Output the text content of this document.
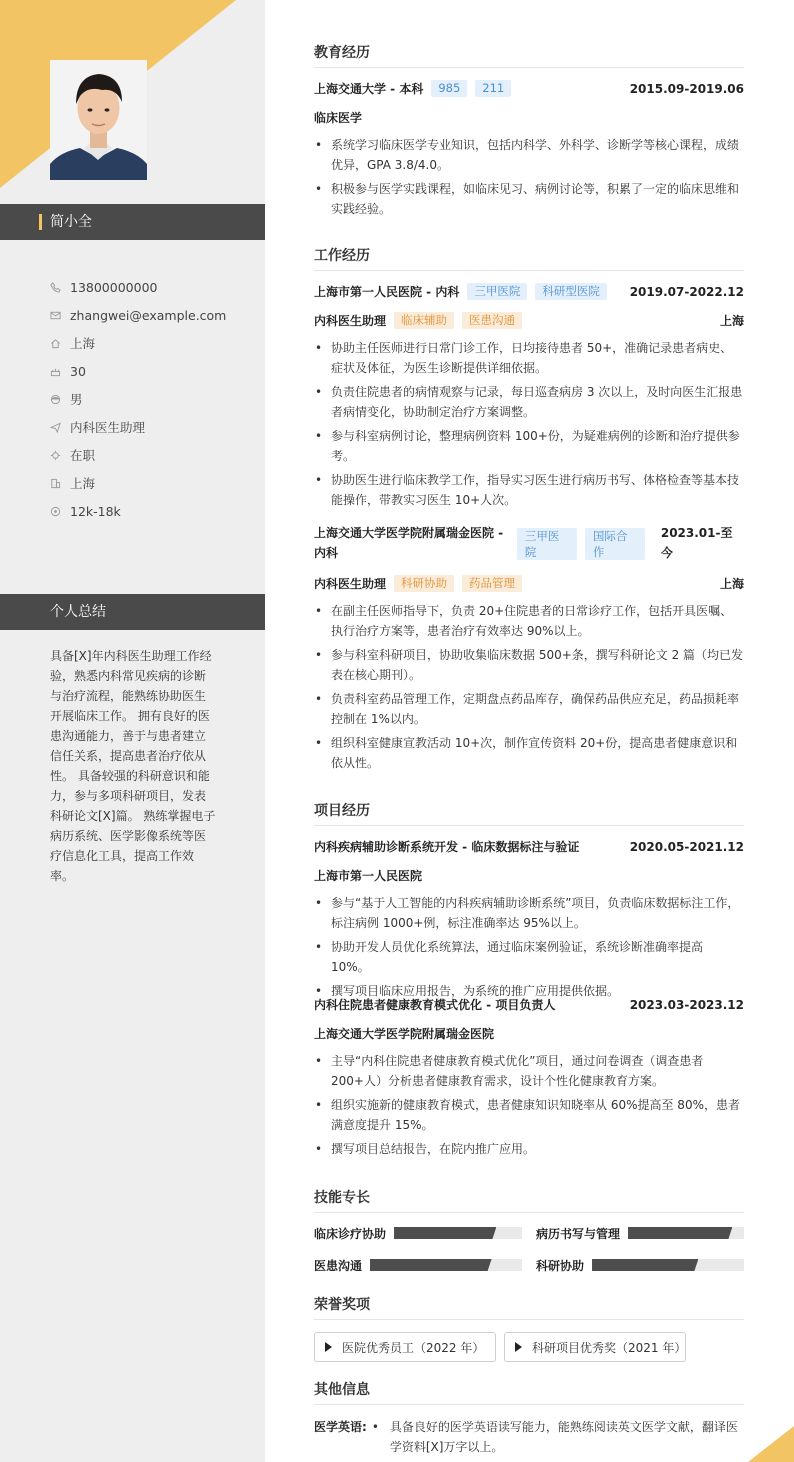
简小全
13800000000
zhangwei@example.com
上海
30
男
内科医生助理
在职
上海
12k-18k
个人总结
具备[X]年内科医生助理工作经验，熟悉内科常见疾病的诊断与治疗流程，能熟练协助医生开展临床工作。 拥有良好的医患沟通能力，善于与患者建立信任关系，提高患者治疗依从性。 具备较强的科研意识和能力，参与多项科研项目，发表科研论文[X]篇。 熟练掌握电子病历系统、医学影像系统等医疗信息化工具，提高工作效率。
教育经历
上海交通大学 - 本科	985	211	2015.09-2019.06
临床医学
• 系统学习临床医学专业知识，包括内科学、外科学、诊断学等核心课程，成绩优异，GPA 3.8/4.0。
• 积极参与医学实践课程，如临床见习、病例讨论等，积累了一定的临床思维和实践经验。
工作经历
上海市第一人民医院 - 内科	三甲医院	科研型医院	2019.07-2022.12
内科医生助理	临床辅助	医患沟通	上海
• 协助主任医师进行日常门诊工作，日均接待患者 50+，准确记录患者病史、症状及体征，为医生诊断提供详细依据。
• 负责住院患者的病情观察与记录，每日巡查病房 3 次以上，及时向医生汇报患者病情变化，协助制定治疗方案调整。
• 参与科室病例讨论，整理病例资料 100+份，为疑难病例的诊断和治疗提供参考。
• 协助医生进行临床教学工作，指导实习医生进行病历书写、体格检查等基本技能操作，带教实习医生 10+人次。
上海交通大学医学院附属瑞金医院 - 内科
三甲医院
国际合作
2023.01-至今
内科医生助理	科研协助	药品管理	上海
• 在副主任医师指导下，负责 20+住院患者的日常诊疗工作，包括开具医嘱、执行治疗方案等，患者治疗有效率达 90%以上。
• 参与科室科研项目，协助收集临床数据 500+条，撰写科研论文 2 篇（均已发表在核心期刊）。
• 负责科室药品管理工作，定期盘点药品库存，确保药品供应充足，药品损耗率控制在 1%以内。
• 组织科室健康宣教活动 10+次，制作宣传资料 20+份，提高患者健康意识和依从性。
项目经历
内科疾病辅助诊断系统开发 - 临床数据标注与验证	2020.05-2021.12
上海市第一人民医院
• 参与“基于人工智能的内科疾病辅助诊断系统”项目，负责临床数据标注工作，标注病例 1000+例，标注准确率达 95%以上。
• 协助开发人员优化系统算法，通过临床案例验证，系统诊断准确率提高 10%。
• 撰写项目临床应用报告，为系统的推广应用提供依据。
内科住院患者健康教育模式优化 - 项目负责人	2023.03-2023.12
上海交通大学医学院附属瑞金医院
• 主导“内科住院患者健康教育模式优化”项目，通过问卷调查（调查患者 200+人）分析患者健康教育需求，设计个性化健康教育方案。
• 组织实施新的健康教育模式，患者健康知识知晓率从 60%提高至 80%，患者满意度提升 15%。
• 撰写项目总结报告，在院内推广应用。
技能专长
临床诊疗协助	病历书写与管理
医患沟通	科研协助
荣誉奖项
医院优秀员工（2022 年）	科研项目优秀奖（2021 年）
其他信息
医学英语:
•	具备良好的医学英语读写能力，能熟练阅读英文医学文献，翻译医学资料[X]万字以上。
